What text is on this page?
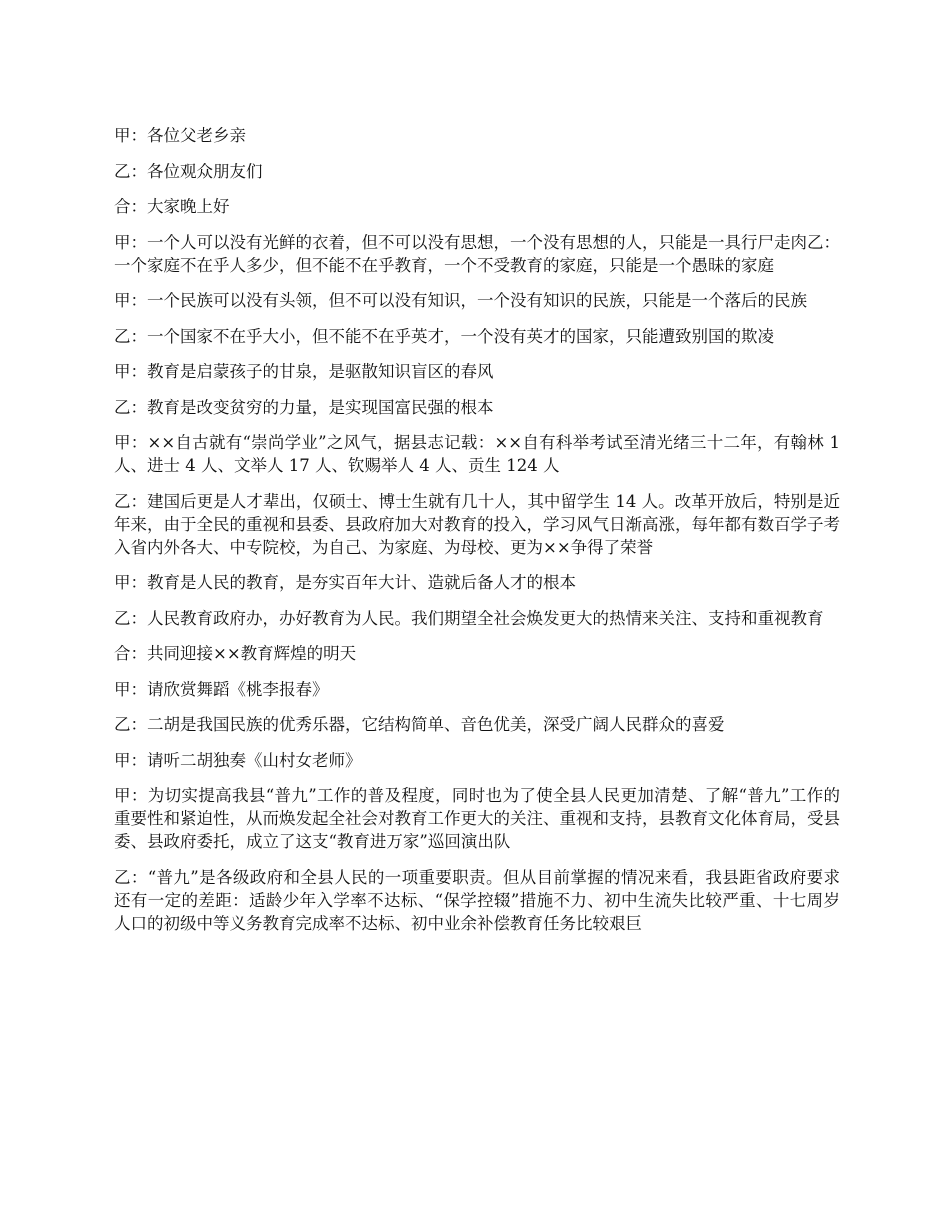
甲：各位父老乡亲

乙：各位观众朋友们

合：大家晚上好

甲：一个人可以没有光鲜的衣着，但不可以没有思想，一个没有思想的人，只能是一具行尸走肉乙：一个家庭不在乎人多少，但不能不在乎教育，一个不受教育的家庭，只能是一个愚昧的家庭

甲：一个民族可以没有头领，但不可以没有知识，一个没有知识的民族，只能是一个落后的民族

乙：一个国家不在乎大小，但不能不在乎英才，一个没有英才的国家，只能遭致别国的欺凌

甲：教育是启蒙孩子的甘泉，是驱散知识盲区的春风

乙：教育是改变贫穷的力量，是实现国富民强的根本

甲：××自古就有“崇尚学业”之风气，据县志记载：××自有科举考试至清光绪三十二年，有翰林 1 人、进士 4 人、文举人 17 人、钦赐举人 4 人、贡生 124 人

乙：建国后更是人才辈出，仅硕士、博士生就有几十人，其中留学生 14 人。改革开放后，特别是近年来，由于全民的重视和县委、县政府加大对教育的投入，学习风气日渐高涨，每年都有数百学子考入省内外各大、中专院校，为自己、为家庭、为母校、更为××争得了荣誉

甲：教育是人民的教育，是夯实百年大计、造就后备人才的根本

乙：人民教育政府办，办好教育为人民。我们期望全社会焕发更大的热情来关注、支持和重视教育

合：共同迎接××教育辉煌的明天

甲：请欣赏舞蹈《桃李报春》

乙：二胡是我国民族的优秀乐器，它结构简单、音色优美，深受广阔人民群众的喜爱

甲：请听二胡独奏《山村女老师》

甲：为切实提高我县“普九”工作的普及程度，同时也为了使全县人民更加清楚、了解“普九”工作的重要性和紧迫性，从而焕发起全社会对教育工作更大的关注、重视和支持，县教育文化体育局，受县委、县政府委托，成立了这支“教育进万家”巡回演出队

乙：“普九”是各级政府和全县人民的一项重要职责。但从目前掌握的情况来看，我县距省政府要求还有一定的差距：适龄少年入学率不达标、“保学控辍”措施不力、初中生流失比较严重、十七周岁人口的初级中等义务教育完成率不达标、初中业余补偿教育任务比较艰巨
